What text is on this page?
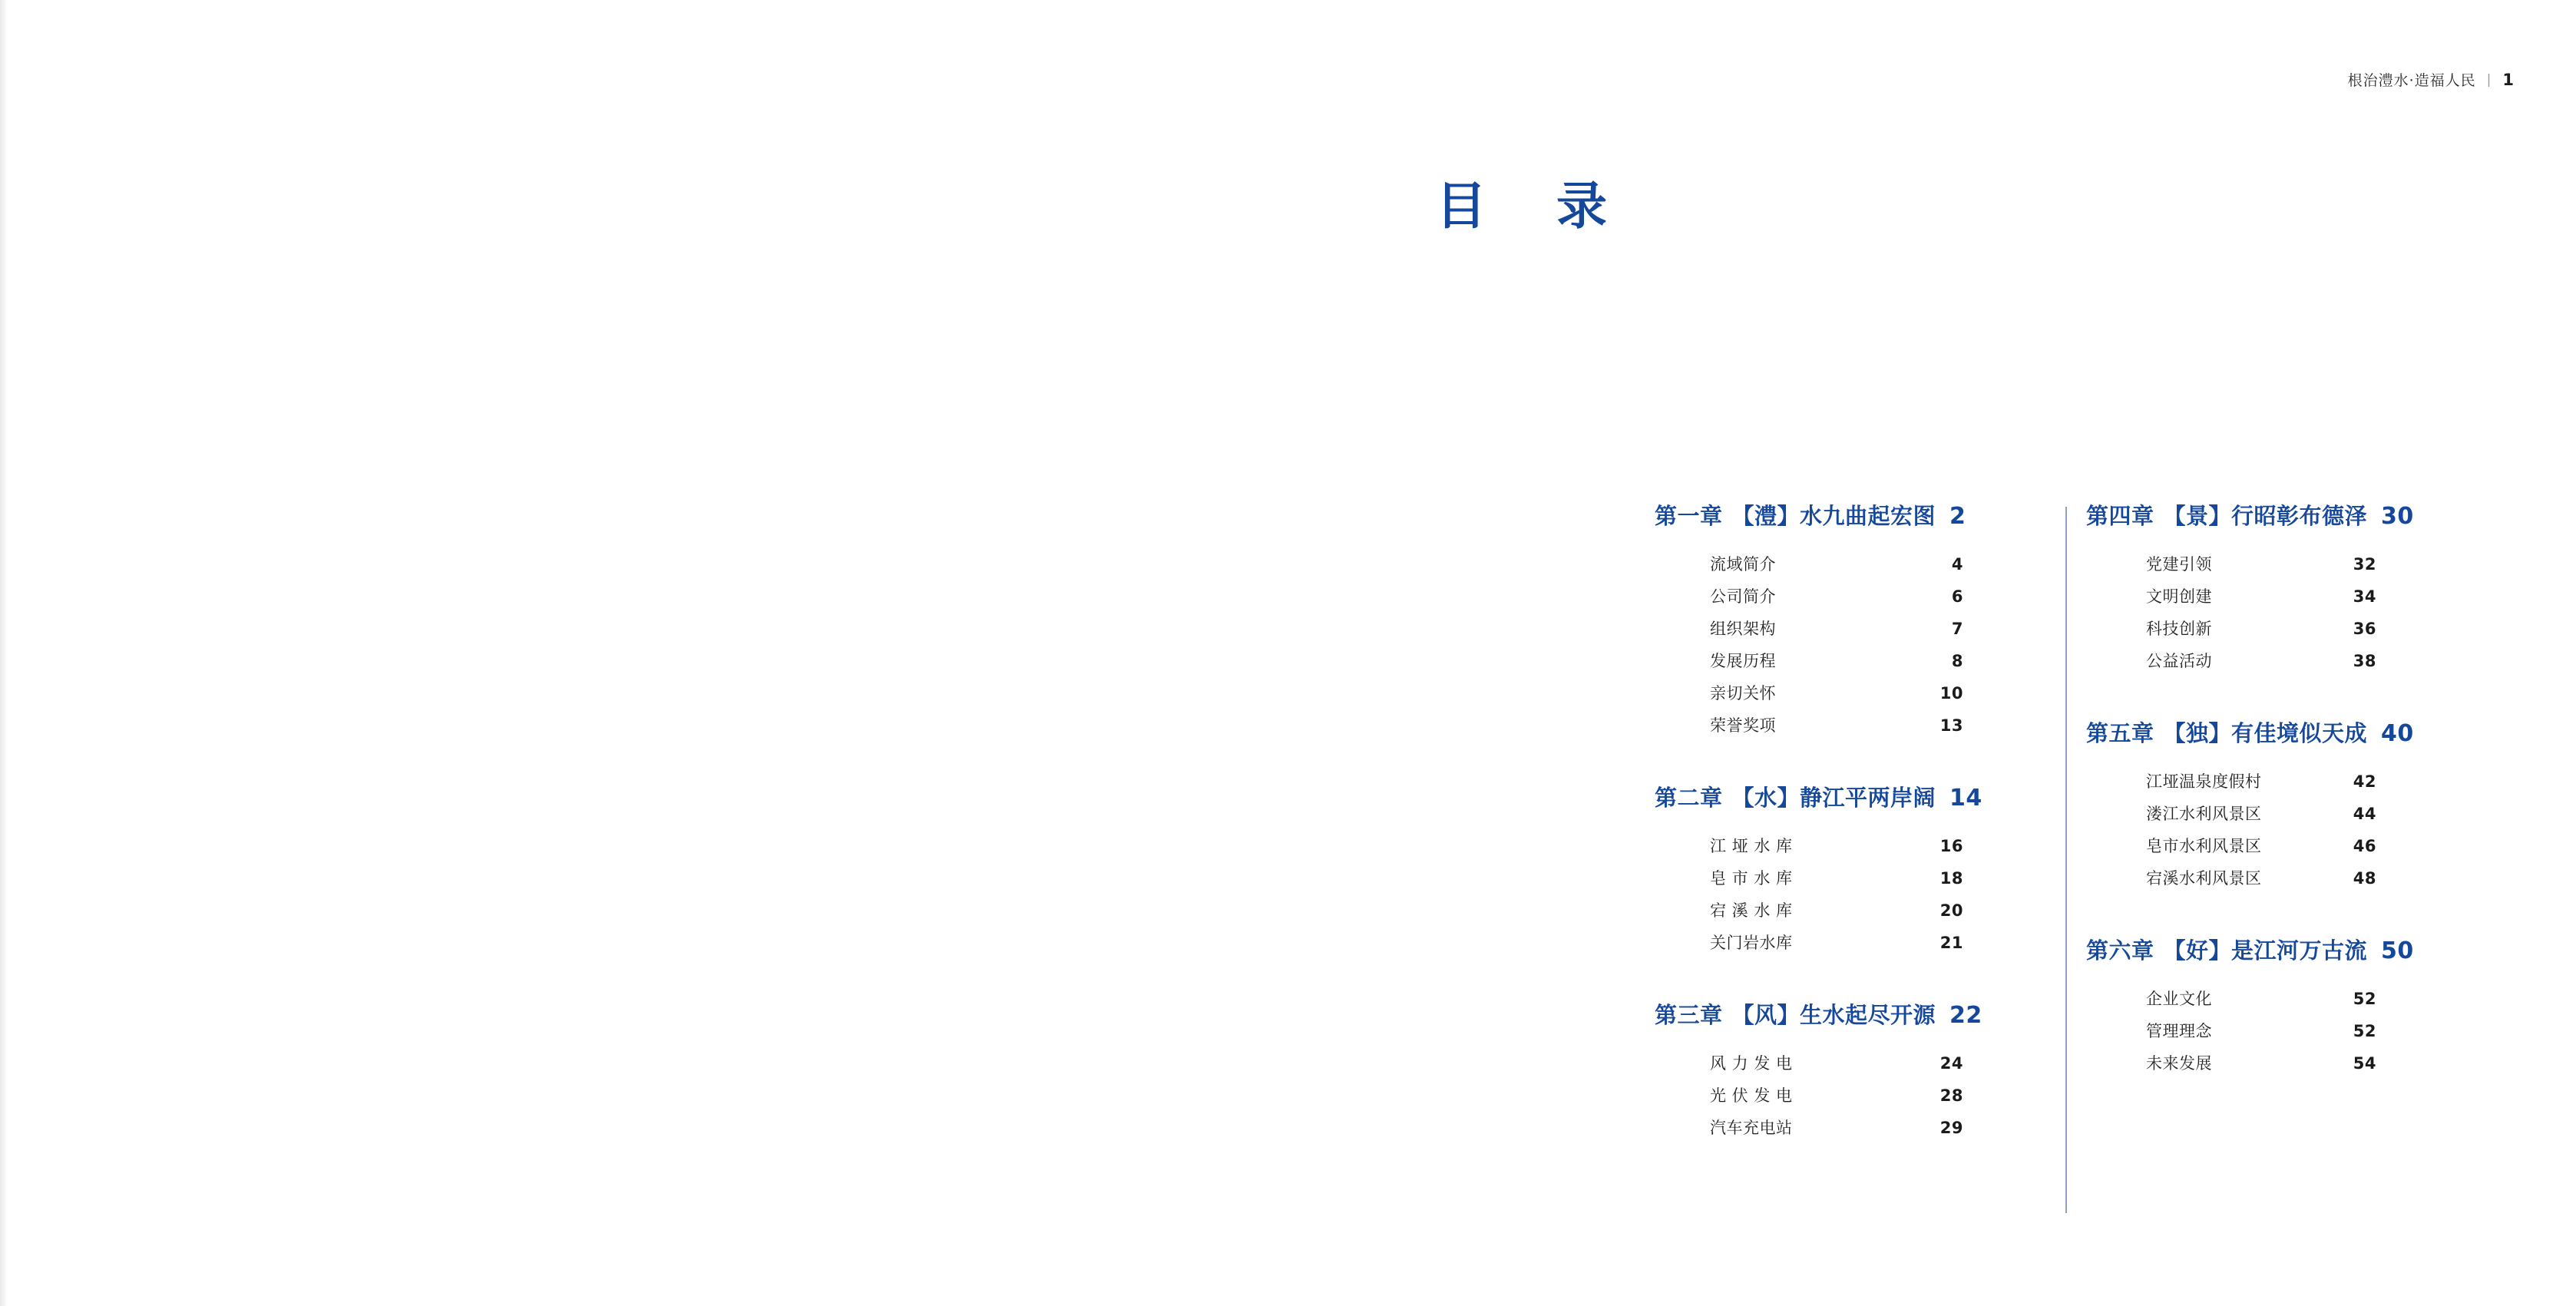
根治澧水·造福人民 | 1
目 录
第一章 【澧】水九曲起宏图 2
流域简介	4
公司简介	6
组织架构	7
发展历程	8
亲切关怀	10
荣誉奖项	13
第二章 【水】静江平两岸阔 14
江 垭 水 库	16
皂 市 水 库	18
宕 溪 水 库	20
关门岩水库	21
第三章 【风】生水起尽开源 22
风 力 发 电	24
光 伏 发 电	28
汽车充电站	29
第四章 【景】行昭彰布德泽 30
党建引领	32
文明创建	34
科技创新	36
公益活动	38
第五章 【独】有佳境似天成 40
江垭温泉度假村	42
溇江水利风景区	44
皂市水利风景区	46
宕溪水利风景区	48
第六章 【好】是江河万古流 50
企业文化	52
管理理念	52
未来发展	54
